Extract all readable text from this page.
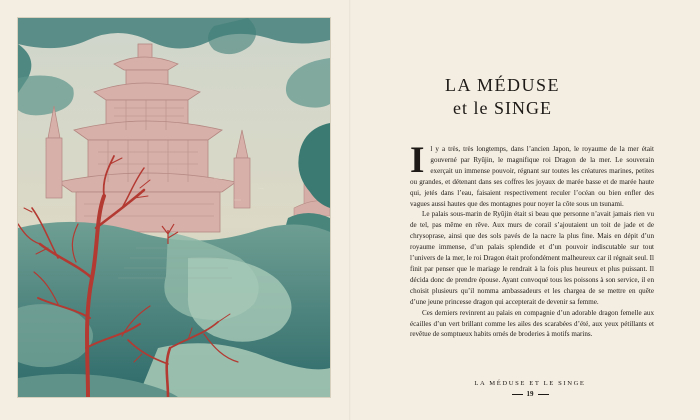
LA MÉDUSE
et le SINGE

Il y a très, très longtemps, dans l’ancien Japon, le royaume de la mer était gouverné par Ryūjin, le magnifique roi Dragon de la mer. Le souverain exerçait un immense pouvoir, régnant sur toutes les créatures marines, petites ou grandes, et détenant dans ses coffres les joyaux de marée basse et de marée haute qui, jetés dans l’eau, faisaient respectivement reculer l’océan ou bien enfler des vagues aussi hautes que des montagnes pour noyer la côte sous un tsunami.

Le palais sous-marin de Ryūjin était si beau que personne n’avait jamais rien vu de tel, pas même en rêve. Aux murs de corail s’ajoutaient un toit de jade et de chrysoprase, ainsi que des sols pavés de la nacre la plus fine. Mais en dépit d’un royaume immense, d’un palais splendide et d’un pouvoir indiscutable sur tout l’univers de la mer, le roi Dragon était profondément malheureux car il régnait seul. Il finit par penser que le mariage le rendrait à la fois plus heureux et plus puissant. Il décida donc de prendre épouse. Ayant convoqué tous les poissons à son service, il en choisit plusieurs qu’il nomma ambassadeurs et les chargea de se mettre en quête d’une jeune princesse dragon qui accepterait de devenir sa femme.

Ces derniers revinrent au palais en compagnie d’un adorable dragon femelle aux écailles d’un vert brillant comme les ailes des scarabées d’été, aux yeux pétillants et revêtue de somptueux habits ornés de broderies à motifs marins.

LA MÉDUSE ET LE SINGE
19
